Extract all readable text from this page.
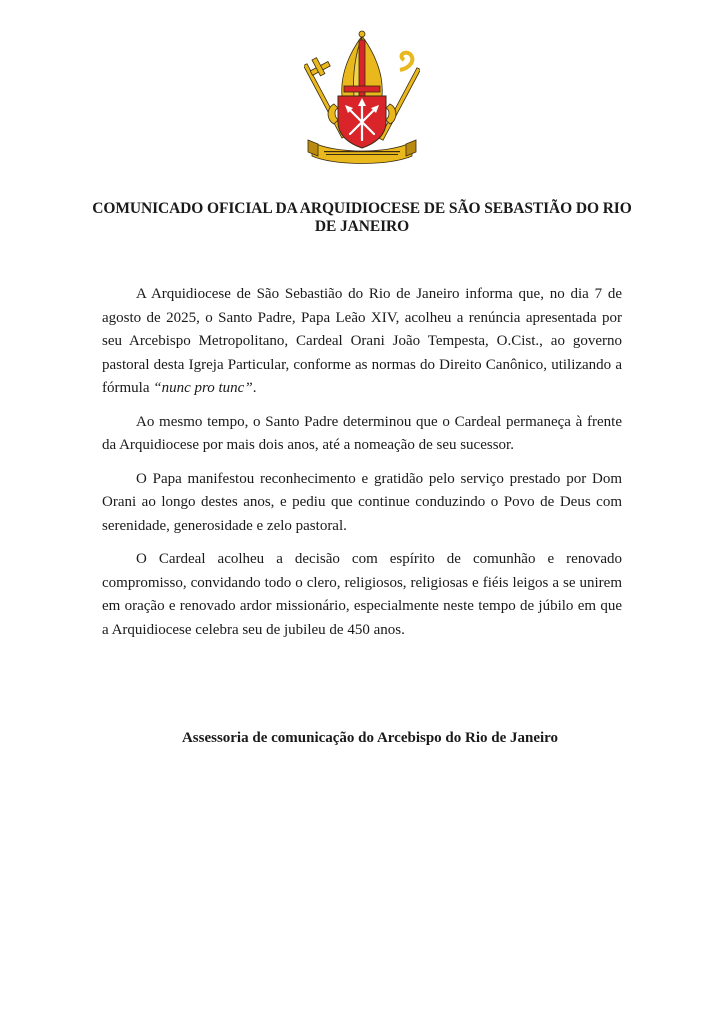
COMUNICADO OFICIAL DA ARQUIDIOCESE DE SÃO SEBASTIÃO DO RIO DE JANEIRO

A Arquidiocese de São Sebastião do Rio de Janeiro informa que, no dia 7 de agosto de 2025, o Santo Padre, Papa Leão XIV, acolheu a renúncia apresentada por seu Arcebispo Metropolitano, Cardeal Orani João Tempesta, O.Cist., ao governo pastoral desta Igreja Particular, conforme as normas do Direito Canônico, utilizando a fórmula “nunc pro tunc”.

Ao mesmo tempo, o Santo Padre determinou que o Cardeal permaneça à frente da Arquidiocese por mais dois anos, até a nomeação de seu sucessor.

O Papa manifestou reconhecimento e gratidão pelo serviço prestado por Dom Orani ao longo destes anos, e pediu que continue conduzindo o Povo de Deus com serenidade, generosidade e zelo pastoral.

O Cardeal acolheu a decisão com espírito de comunhão e renovado compromisso, convidando todo o clero, religiosos, religiosas e fiéis leigos a se unirem em oração e renovado ardor missionário, especialmente neste tempo de júbilo em que a Arquidiocese celebra seu de jubileu de 450 anos.

Assessoria de comunicação do Arcebispo do Rio de Janeiro
